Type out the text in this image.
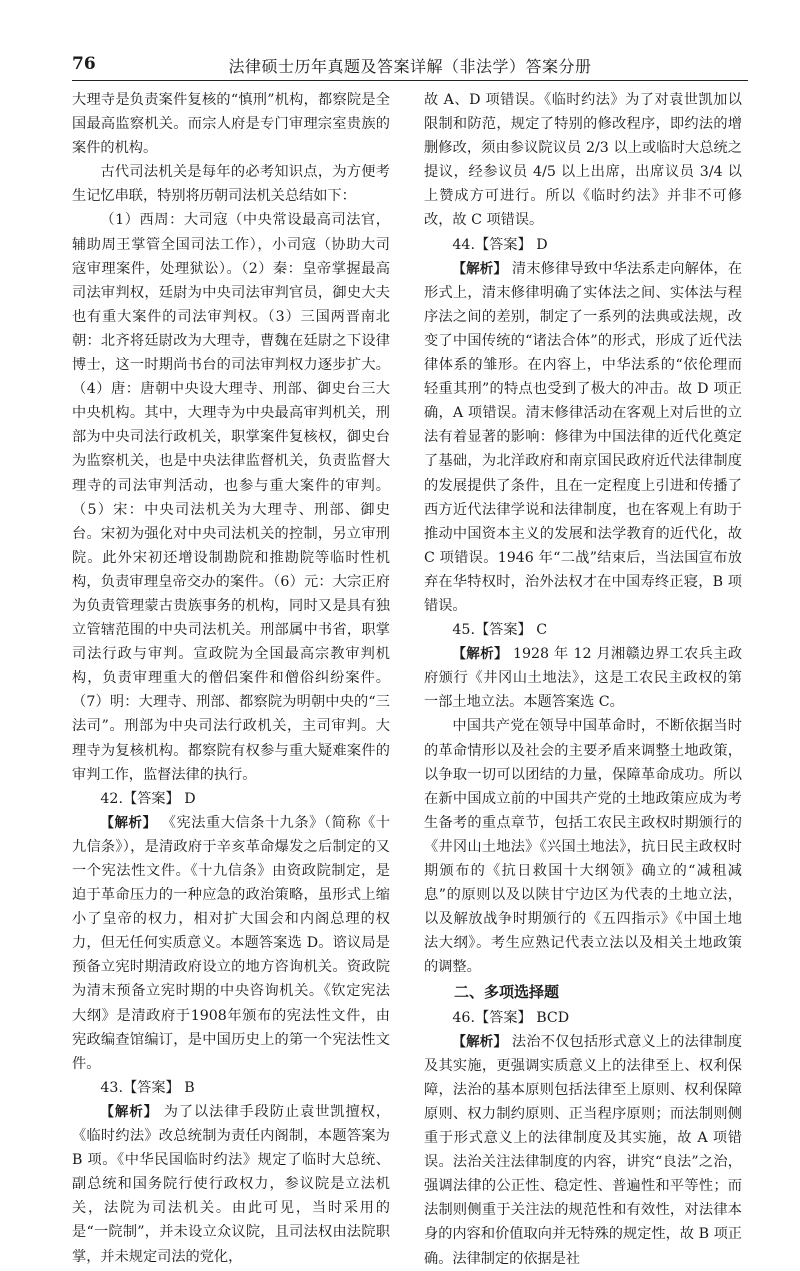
76	法律硕士历年真题及答案详解（非法学）答案分册

大理寺是负责案件复核的“慎刑”机构，都察院是全国最高监察机关。而宗人府是专门审理宗室贵族的案件的机构。

古代司法机关是每年的必考知识点，为方便考生记忆串联，特别将历朝司法机关总结如下：

（1）西周：大司寇（中央常设最高司法官，辅助周王掌管全国司法工作），小司寇（协助大司寇审理案件，处理狱讼）。（2）秦：皇帝掌握最高司法审判权，廷尉为中央司法审判官员，御史大夫也有重大案件的司法审判权。（3）三国两晋南北朝：北齐将廷尉改为大理寺，曹魏在廷尉之下设律博士，这一时期尚书台的司法审判权力逐步扩大。（4）唐：唐朝中央设大理寺、刑部、御史台三大中央机构。其中，大理寺为中央最高审判机关，刑部为中央司法行政机关，职掌案件复核权，御史台为监察机关，也是中央法律监督机关，负责监督大理寺的司法审判活动，也参与重大案件的审判。（5）宋：中央司法机关为大理寺、刑部、御史台。宋初为强化对中央司法机关的控制，另立审刑院。此外宋初还增设制勘院和推勘院等临时性机构，负责审理皇帝交办的案件。（6）元：大宗正府为负责管理蒙古贵族事务的机构，同时又是具有独立管辖范围的中央司法机关。刑部属中书省，职掌司法行政与审判。宣政院为全国最高宗教审判机构，负责审理重大的僧侣案件和僧俗纠纷案件。（7）明：大理寺、刑部、都察院为明朝中央的“三法司”。刑部为中央司法行政机关，主司审判。大理寺为复核机构。都察院有权参与重大疑难案件的审判工作，监督法律的执行。

42.【答案】 D

【解析】 《宪法重大信条十九条》（简称《十九信条》），是清政府于辛亥革命爆发之后制定的又一个宪法性文件。《十九信条》由资政院制定，是迫于革命压力的一种应急的政治策略，虽形式上缩小了皇帝的权力，相对扩大国会和内阁总理的权力，但无任何实质意义。本题答案选 D。谘议局是预备立宪时期清政府设立的地方咨询机关。资政院为清末预备立宪时期的中央咨询机关。《钦定宪法大纲》是清政府于1908年颁布的宪法性文件，由宪政编查馆编订，是中国历史上的第一个宪法性文件。

43.【答案】 B

【解析】 为了以法律手段防止袁世凯擅权，《临时约法》改总统制为责任内阁制，本题答案为 B 项。《中华民国临时约法》规定了临时大总统、副总统和国务院行使行政权力，参议院是立法机关，法院为司法机关。由此可见，当时采用的是“一院制”，并未设立众议院，且司法权由法院职掌，并未规定司法的党化，

故 A、D 项错误。《临时约法》为了对袁世凯加以限制和防范，规定了特别的修改程序，即约法的增删修改，须由参议院议员 2/3 以上或临时大总统之提议，经参议员 4/5 以上出席，出席议员 3/4 以上赞成方可进行。所以《临时约法》并非不可修改，故 C 项错误。

44.【答案】 D

【解析】 清末修律导致中华法系走向解体，在形式上，清末修律明确了实体法之间、实体法与程序法之间的差别，制定了一系列的法典或法规，改变了中国传统的“诸法合体”的形式，形成了近代法律体系的雏形。在内容上，中华法系的“依伦理而轻重其刑”的特点也受到了极大的冲击。故 D 项正确，A 项错误。清末修律活动在客观上对后世的立法有着显著的影响：修律为中国法律的近代化奠定了基础，为北洋政府和南京国民政府近代法律制度的发展提供了条件，且在一定程度上引进和传播了西方近代法律学说和法律制度，也在客观上有助于推动中国资本主义的发展和法学教育的近代化，故 C 项错误。1946 年“二战”结束后，当法国宣布放弃在华特权时，治外法权才在中国寿终正寝，B 项错误。

45.【答案】 C

【解析】 1928 年 12 月湘赣边界工农兵主政府颁行《井冈山土地法》，这是工农民主政权的第一部土地立法。本题答案选 C。

中国共产党在领导中国革命时，不断依据当时的革命情形以及社会的主要矛盾来调整土地政策，以争取一切可以团结的力量，保障革命成功。所以在新中国成立前的中国共产党的土地政策应成为考生备考的重点章节，包括工农民主政权时期颁行的《井冈山土地法》《兴国土地法》，抗日民主政权时期颁布的《抗日救国十大纲领》确立的“减租减息”的原则以及以陕甘宁边区为代表的土地立法，以及解放战争时期颁行的《五四指示》《中国土地法大纲》。考生应熟记代表立法以及相关土地政策的调整。

二、多项选择题

46.【答案】 BCD

【解析】 法治不仅包括形式意义上的法律制度及其实施，更强调实质意义上的法律至上、权利保障，法治的基本原则包括法律至上原则、权利保障原则、权力制约原则、正当程序原则；而法制则侧重于形式意义上的法律制度及其实施，故 A 项错误。法治关注法律制度的内容，讲究“良法”之治，强调法律的公正性、稳定性、普遍性和平等性；而法制则侧重于关注法的规范性和有效性，对法律本身的内容和价值取向并无特殊的规定性，故 B 项正确。法律制定的依据是社
